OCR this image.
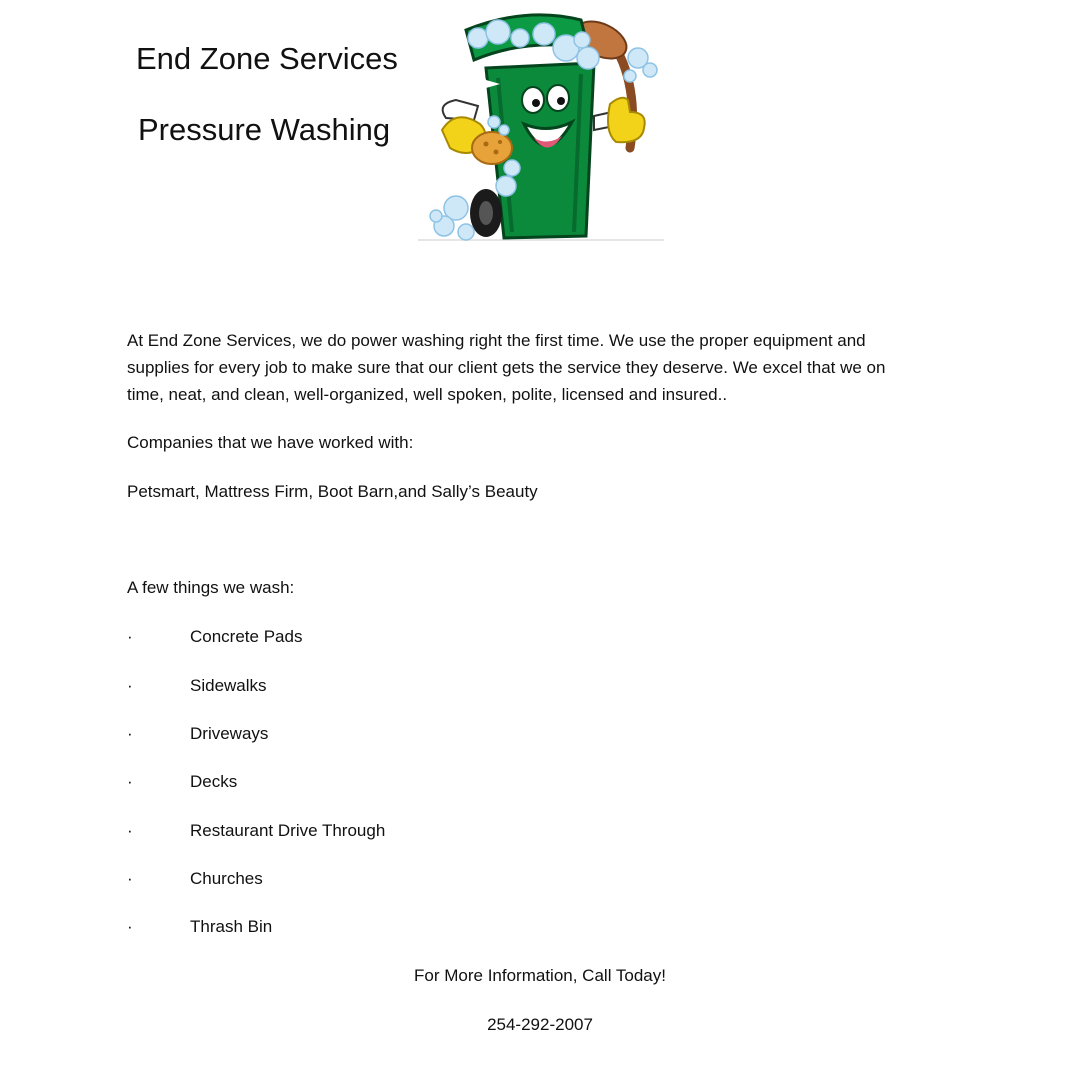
End Zone Services
Pressure Washing

At End Zone Services, we do power washing right the first time. We use the proper equipment and supplies for every job to make sure that our client gets the service they deserve. We excel that we on time, neat, and clean, well-organized, well spoken, polite, licensed and insured..

Companies that we have worked with:

Petsmart, Mattress Firm, Boot Barn,and Sally’s Beauty

A few things we wash:

·	Concrete Pads
·	Sidewalks
·	Driveways
·	Decks
·	Restaurant Drive Through
·	Churches
·	Thrash Bin
For More Information, Call Today!
254-292-2007
